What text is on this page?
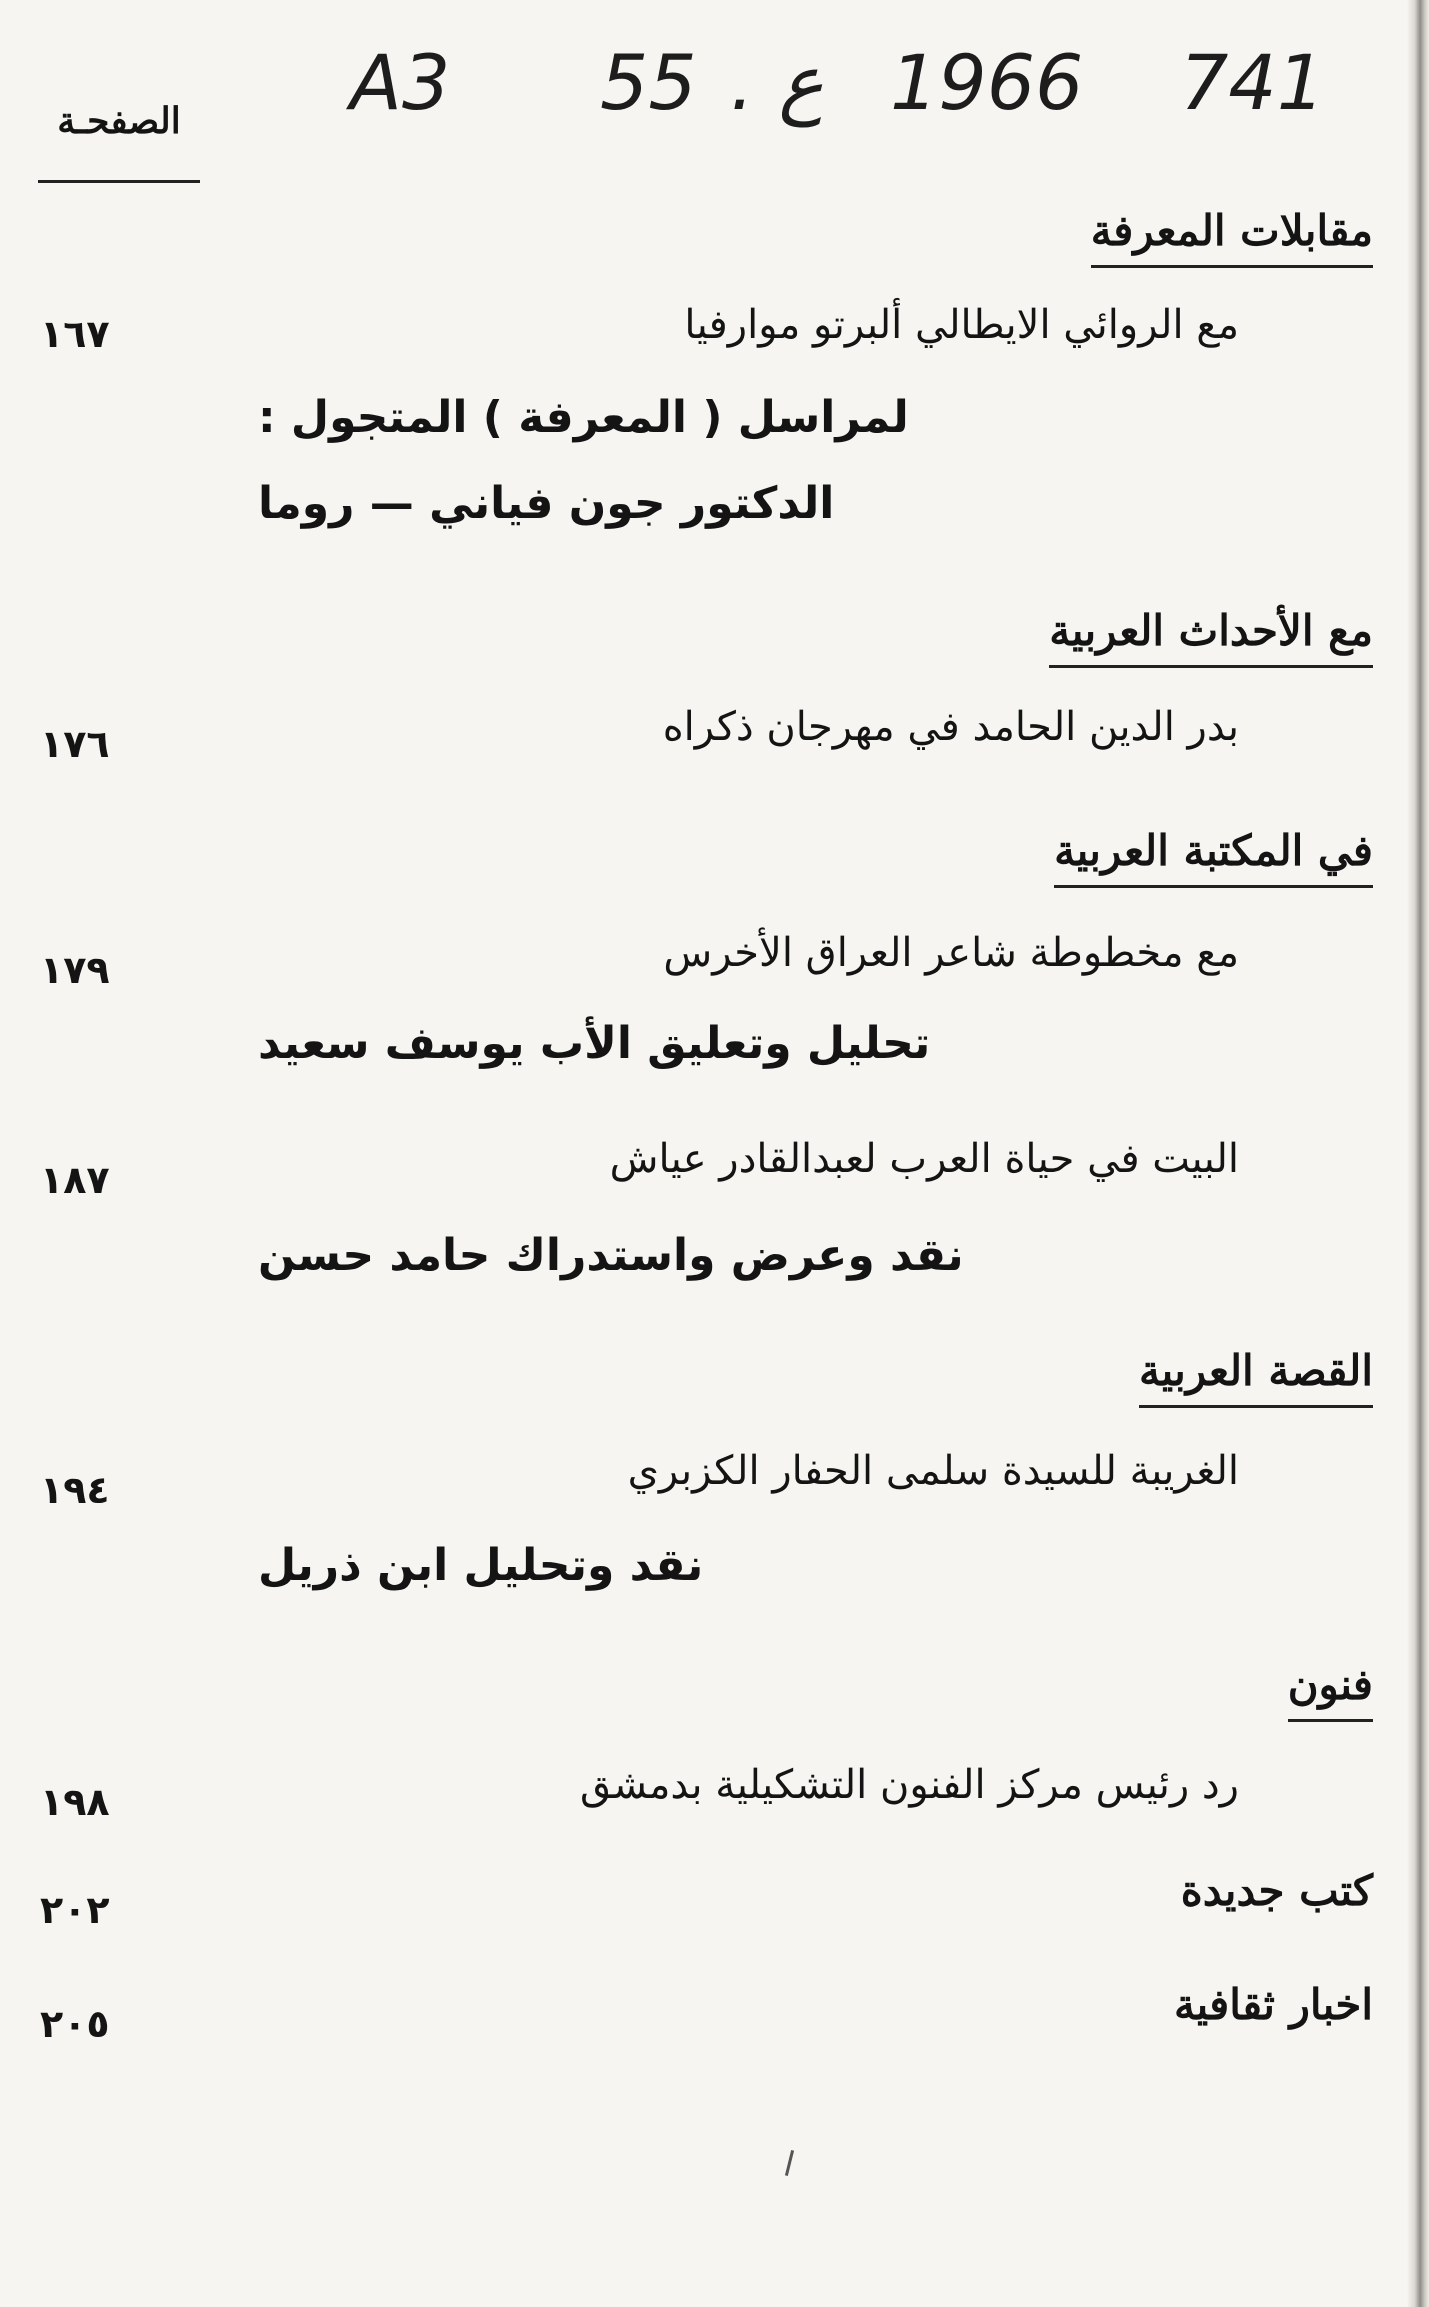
A3 55 . ع 1966 741
الصفحـة
مقابلات المعرفة
مع الروائي الايطالي ألبرتو موارفيا
١٦٧
لمراسل ( المعرفة ) المتجول :
الدكتور جون فياني — روما
مع الأحداث العربية
بدر الدين الحامد في مهرجان ذكراه
١٧٦
في المكتبة العربية
مع مخطوطة شاعر العراق الأخرس
١٧٩
تحليل وتعليق الأب يوسف سعيد
البيت في حياة العرب لعبدالقادر عياش
١٨٧
نقد وعرض واستدراك حامد حسن
القصة العربية
الغريبة للسيدة سلمى الحفار الكزبري
١٩٤
نقد وتحليل ابن ذريل
فنون
رد رئيس مركز الفنون التشكيلية بدمشق
١٩٨
كتب جديدة
٢٠٢
اخبار ثقافية
٢٠٥
